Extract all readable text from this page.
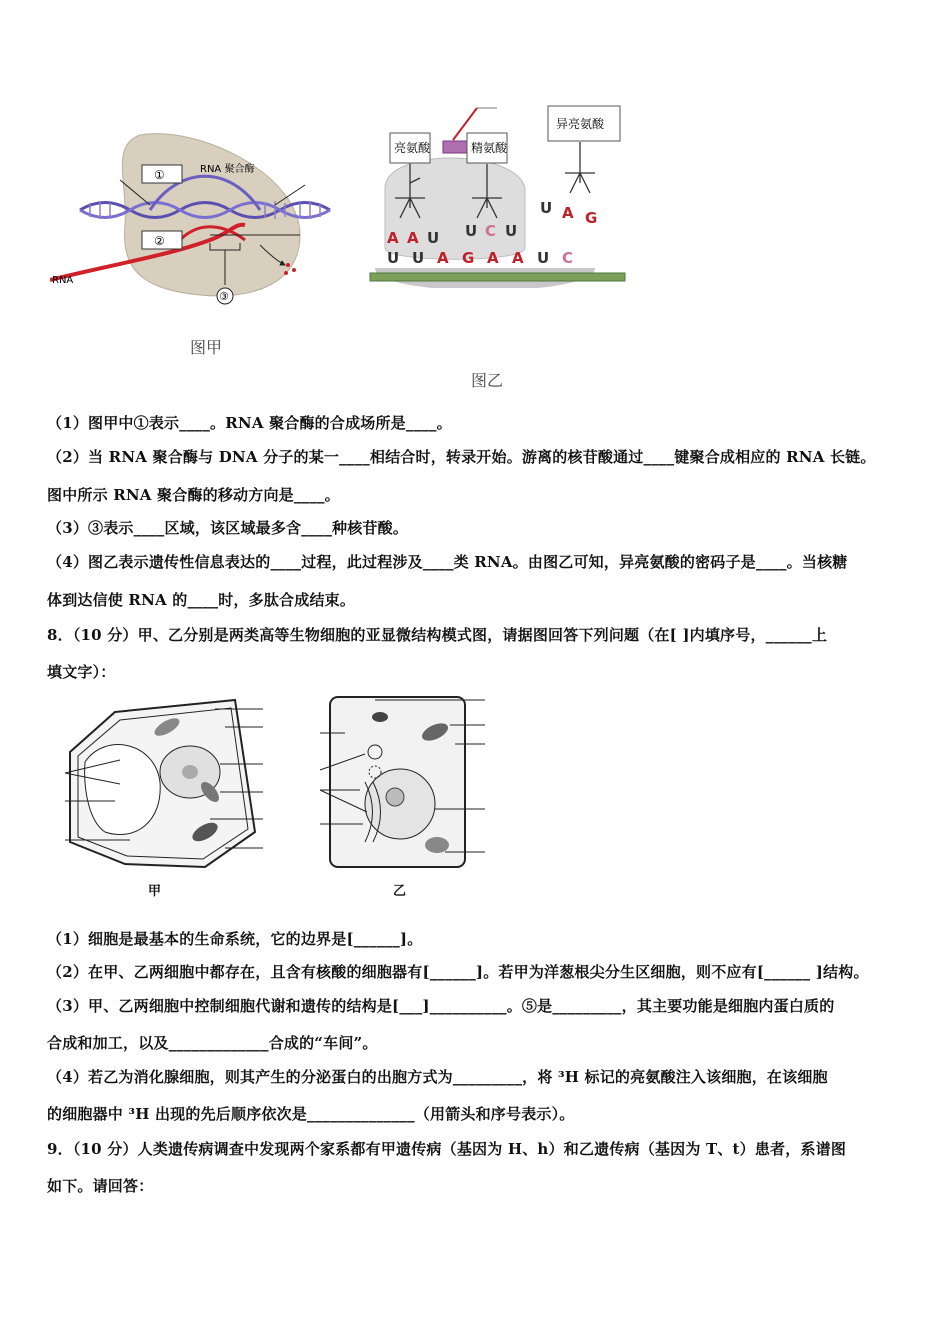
①
②
RNA 聚合酶
RNA
③
图甲
亮氨酸	精氨酸
异亮氨酸
A A U U C U
U A G
U U A G A A U C
图乙
（1）图甲中①表示____。RNA 聚合酶的合成场所是____。
（2）当 RNA 聚合酶与 DNA 分子的某一____相结合时，转录开始。游离的核苷酸通过____键聚合成相应的 RNA 长链。
图中所示 RNA 聚合酶的移动方向是____。
（3）③表示____区域，该区域最多含____种核苷酸。
（4）图乙表示遗传性信息表达的____过程，此过程涉及____类 RNA。由图乙可知，异亮氨酸的密码子是____。当核糖
体到达信使 RNA 的____时，多肽合成结束。
8．（10 分）甲、乙分别是两类高等生物细胞的亚显微结构模式图，请据图回答下列问题（在[ ]内填序号，______上
填文字）：
甲	乙
（1）细胞是最基本的生命系统，它的边界是[______]。
（2）在甲、乙两细胞中都存在，且含有核酸的细胞器有[______]。若甲为洋葱根尖分生区细胞，则不应有[______ ]结构。
（3）甲、乙两细胞中控制细胞代谢和遗传的结构是[___]__________。⑤是_________，其主要功能是细胞内蛋白质的
合成和加工，以及_____________合成的“车间”。
（4）若乙为消化腺细胞，则其产生的分泌蛋白的出胞方式为_________，将 ³H 标记的亮氨酸注入该细胞，在该细胞
的细胞器中 ³H 出现的先后顺序依次是______________（用箭头和序号表示）。
9．（10 分）人类遗传病调查中发现两个家系都有甲遗传病（基因为 H、h）和乙遗传病（基因为 T、t）患者，系谱图
如下。请回答：
